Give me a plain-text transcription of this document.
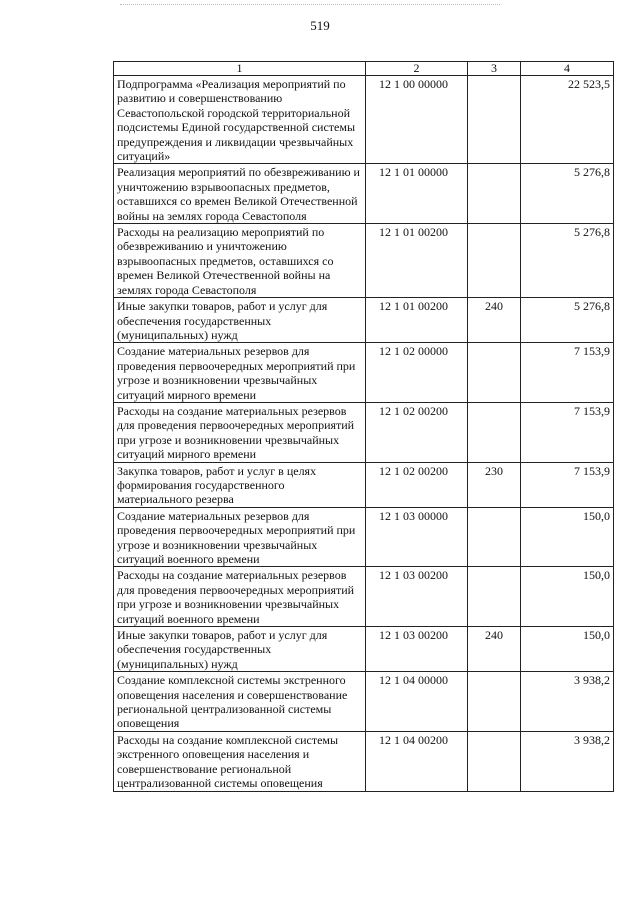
519
1	2	3	4
Подпрограмма «Реализация мероприятий по развитию и совершенствованию Севастопольской городской территориальной подсистемы Единой государственной системы предупреждения и ликвидации чрезвычайных ситуаций»	12 1 00 00000		22 523,5
Реализация мероприятий по обезвреживанию и уничтожению взрывоопасных предметов, оставшихся со времен Великой Отечественной войны на землях города Севастополя	12 1 01 00000		5 276,8
Расходы на реализацию мероприятий по обезвреживанию и уничтожению взрывоопасных предметов, оставшихся со времен Великой Отечественной войны на землях города Севастополя	12 1 01 00200		5 276,8
Иные закупки товаров, работ и услуг для обеспечения государственных (муниципальных) нужд	12 1 01 00200	240	5 276,8
Создание материальных резервов для проведения первоочередных мероприятий при угрозе и возникновении чрезвычайных ситуаций мирного времени	12 1 02 00000		7 153,9
Расходы на создание материальных резервов для проведения первоочередных мероприятий при угрозе и возникновении чрезвычайных ситуаций мирного времени	12 1 02 00200		7 153,9
Закупка товаров, работ и услуг в целях формирования государственного материального резерва	12 1 02 00200	230	7 153,9
Создание материальных резервов для проведения первоочередных мероприятий при угрозе и возникновении чрезвычайных ситуаций военного времени	12 1 03 00000		150,0
Расходы на создание материальных резервов для проведения первоочередных мероприятий при угрозе и возникновении чрезвычайных ситуаций военного времени	12 1 03 00200		150,0
Иные закупки товаров, работ и услуг для обеспечения государственных (муниципальных) нужд	12 1 03 00200	240	150,0
Создание комплексной системы экстренного оповещения населения и совершенствование региональной централизованной системы оповещения	12 1 04 00000		3 938,2
Расходы на создание комплексной системы экстренного оповещения населения и совершенствование региональной централизованной системы оповещения	12 1 04 00200		3 938,2
